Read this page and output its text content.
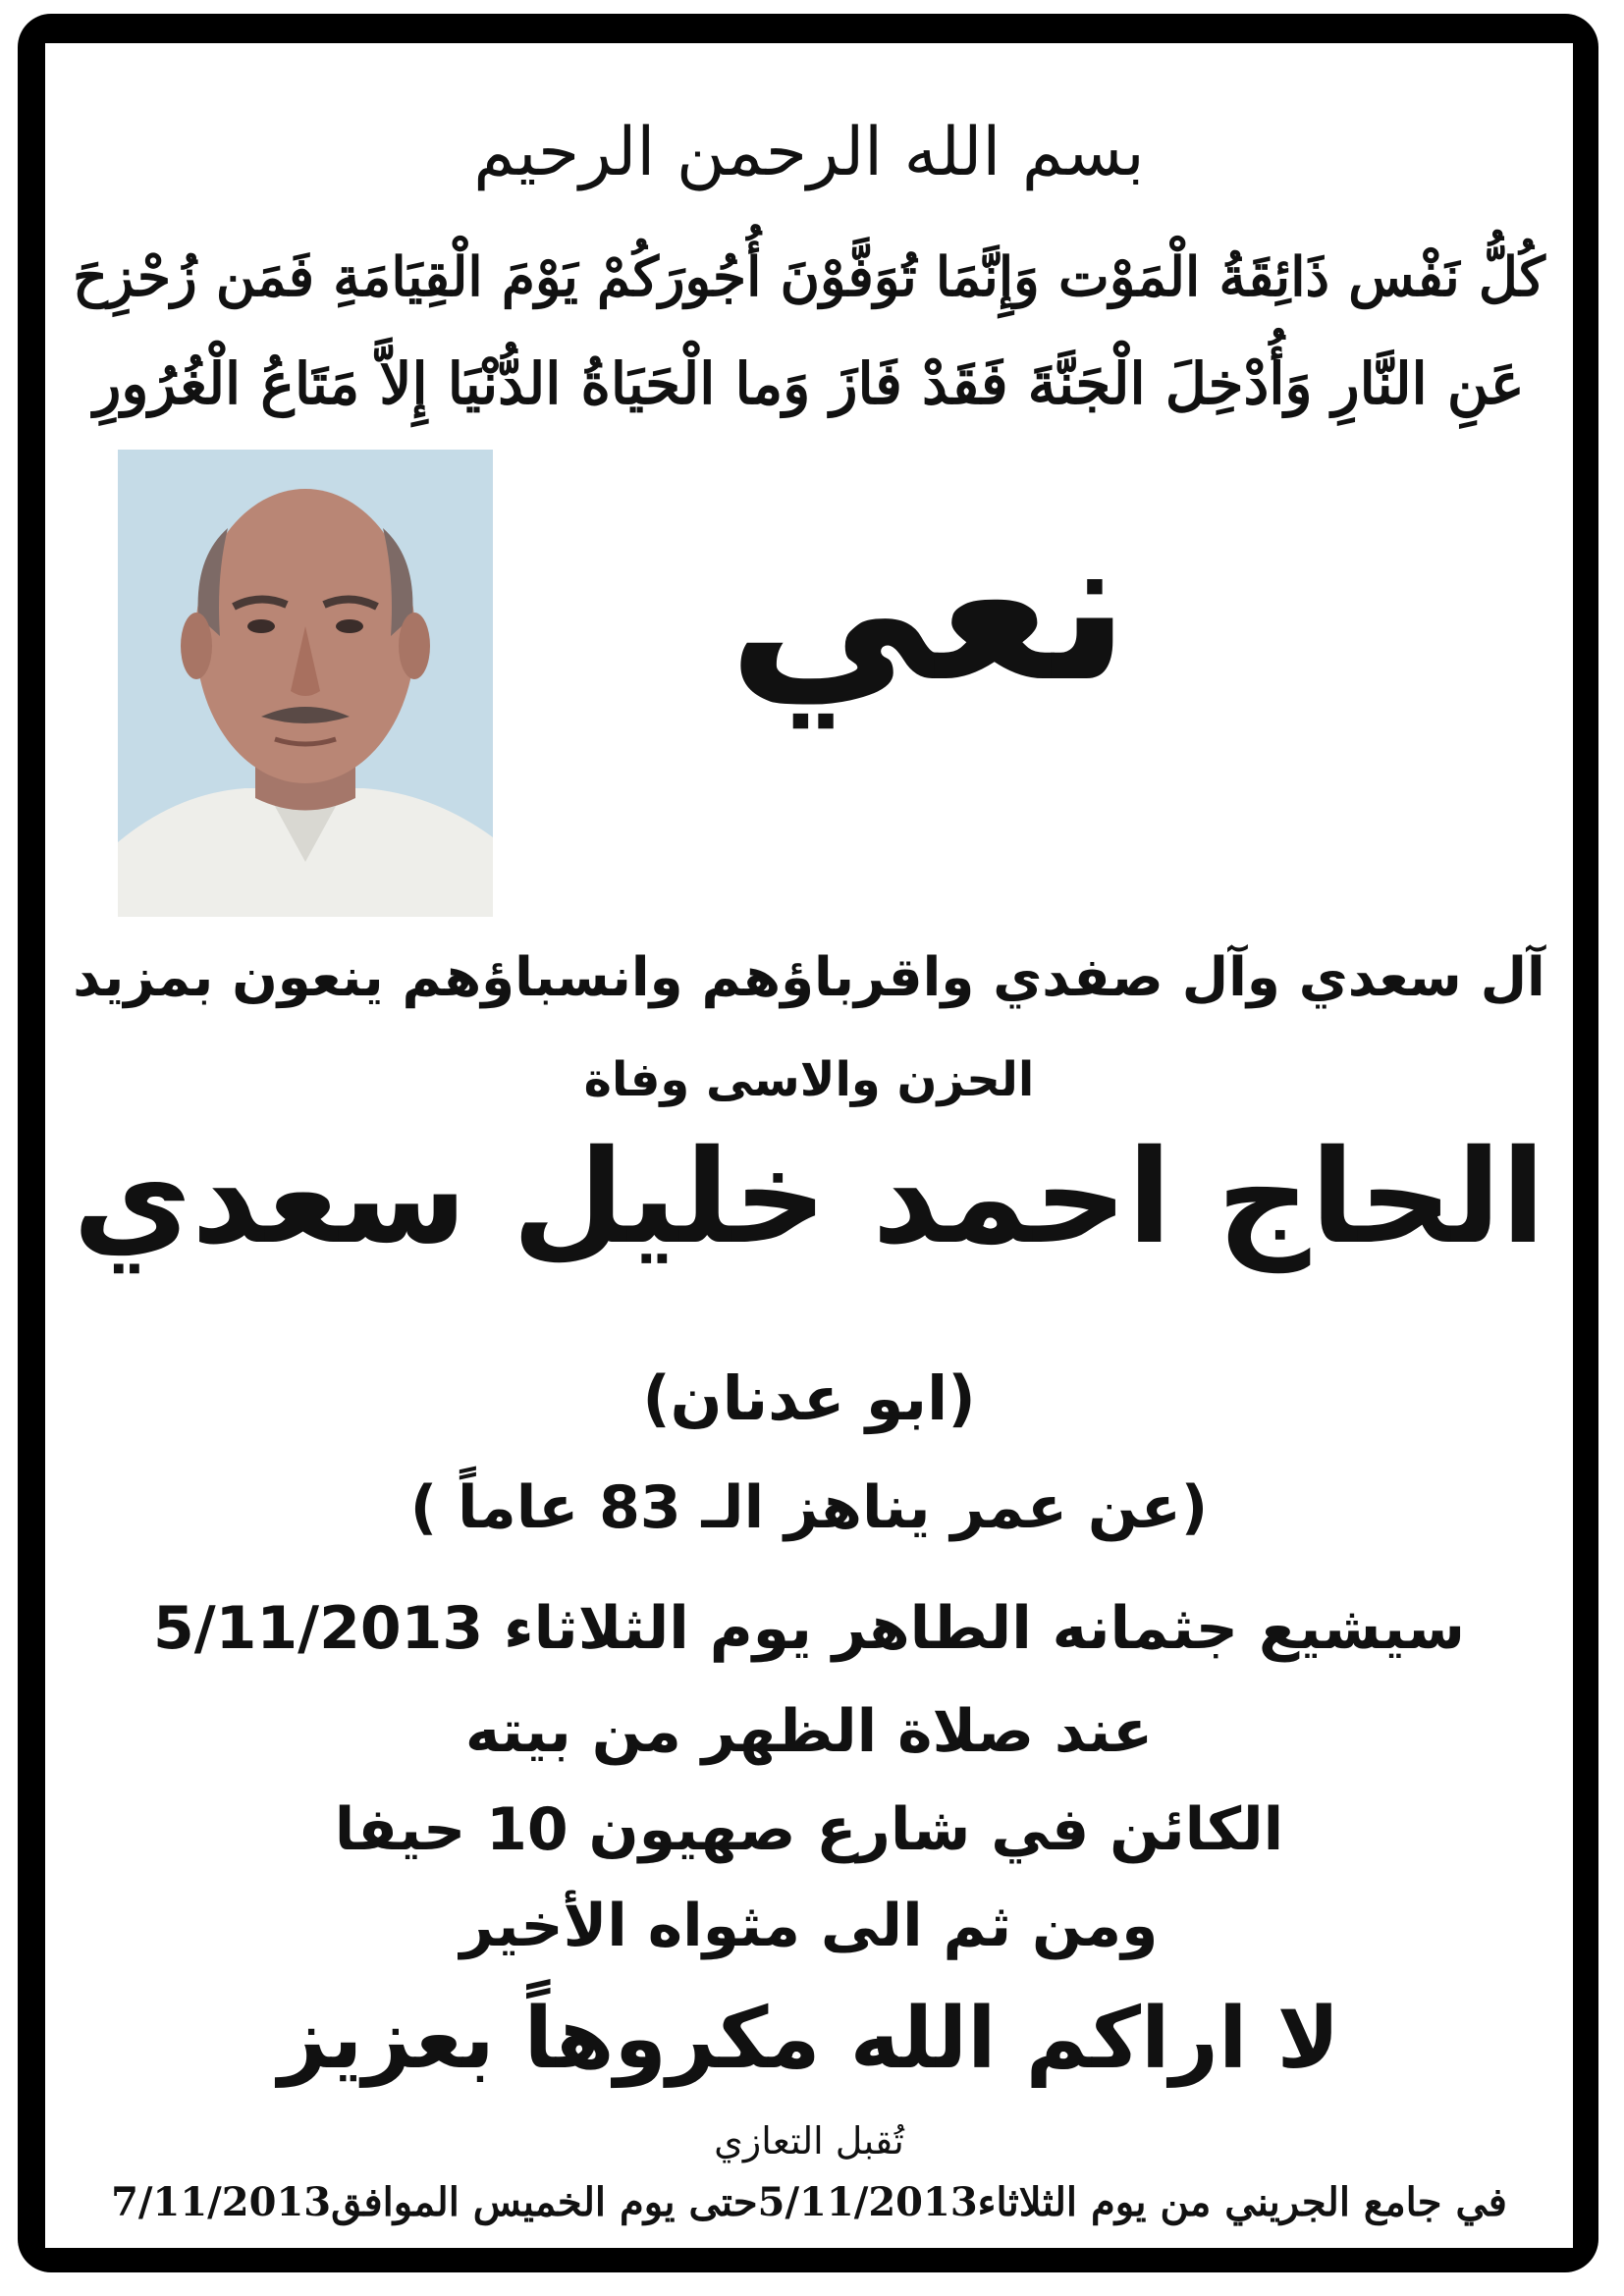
بسم الله الرحمن الرحيم
كُلُّ نَفْس ذَائِقَةُ الْمَوْت وَإِنَّمَا تُوَفَّوْنَ أُجُورَكُمْ يَوْمَ الْقِيَامَةِ فَمَن زُحْزِحَ
عَنِ النَّارِ وَأُدْخِلَ الْجَنَّةَ فَقَدْ فَازَ وَما الْحَيَاةُ الدُّنْيَا إِلاَّ مَتَاعُ الْغُرُورِ
نعي
آل سعدي وآل صفدي واقرباؤهم وانسباؤهم ينعون بمزيد
الحزن والاسى وفاة
الحاج احمد خليل سعدي
(ابو عدنان)
(عن عمر يناهز الـ 83 عاماً )
سيشيع جثمانه الطاهر يوم الثلاثاء 5/11/2013
عند صلاة الظهر من بيته
الكائن في شارع صهيون 10 حيفا
ومن ثم الى مثواه الأخير
لا اراكم الله مكروهاً بعزيز
تُقبل التعازي
في جامع الجريني من يوم الثلاثاء5/11/2013حتى يوم الخميس الموافق7/11/2013
